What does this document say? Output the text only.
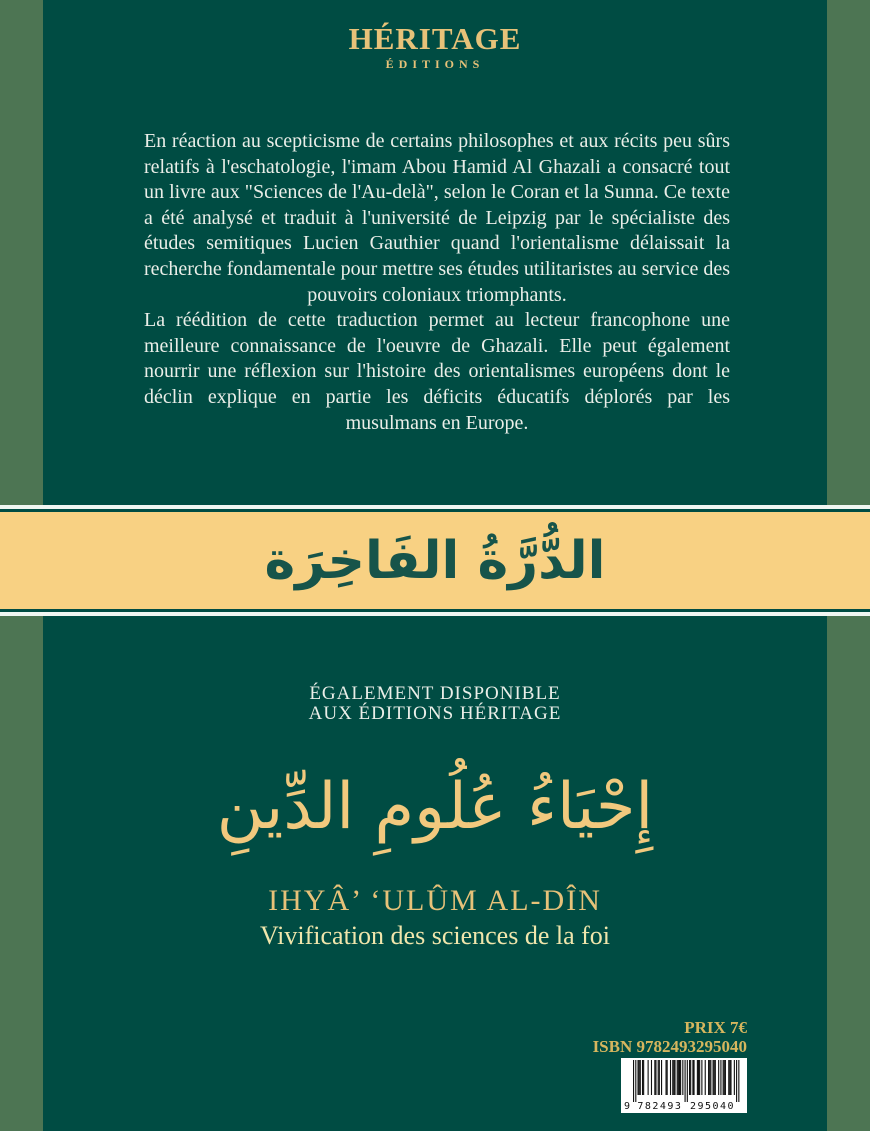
HÉRITAGE
ÉDITIONS

En réaction au scepticisme de certains philosophes et aux récits peu sûrs relatifs à l'eschatologie, l'imam Abou Hamid Al Ghazali a consacré tout un livre aux "Sciences de l'Au-delà", selon le Coran et la Sunna. Ce texte a été analysé et traduit à l'université de Leipzig par le spécialiste des études semitiques Lucien Gauthier quand l'orientalisme délaissait la recherche fondamentale pour mettre ses études utilitaristes au service des pouvoirs coloniaux triomphants.

La réédition de cette traduction permet au lecteur francophone une meilleure connaissance de l'oeuvre de Ghazali. Elle peut également nourrir une réflexion sur l'histoire des orientalismes européens dont le déclin explique en partie les déficits éducatifs déplorés par les musulmans en Europe.

الدُّرَّةُ الفَاخِرَة
ÉGALEMENT DISPONIBLE
AUX ÉDITIONS HÉRITAGE
إِحْيَاءُ عُلُومِ الدِّينِ
IHYÂ’ ‘ULÛM AL-DÎN
Vivification des sciences de la foi
PRIX 7€
ISBN 9782493295040
9 782493 295040
